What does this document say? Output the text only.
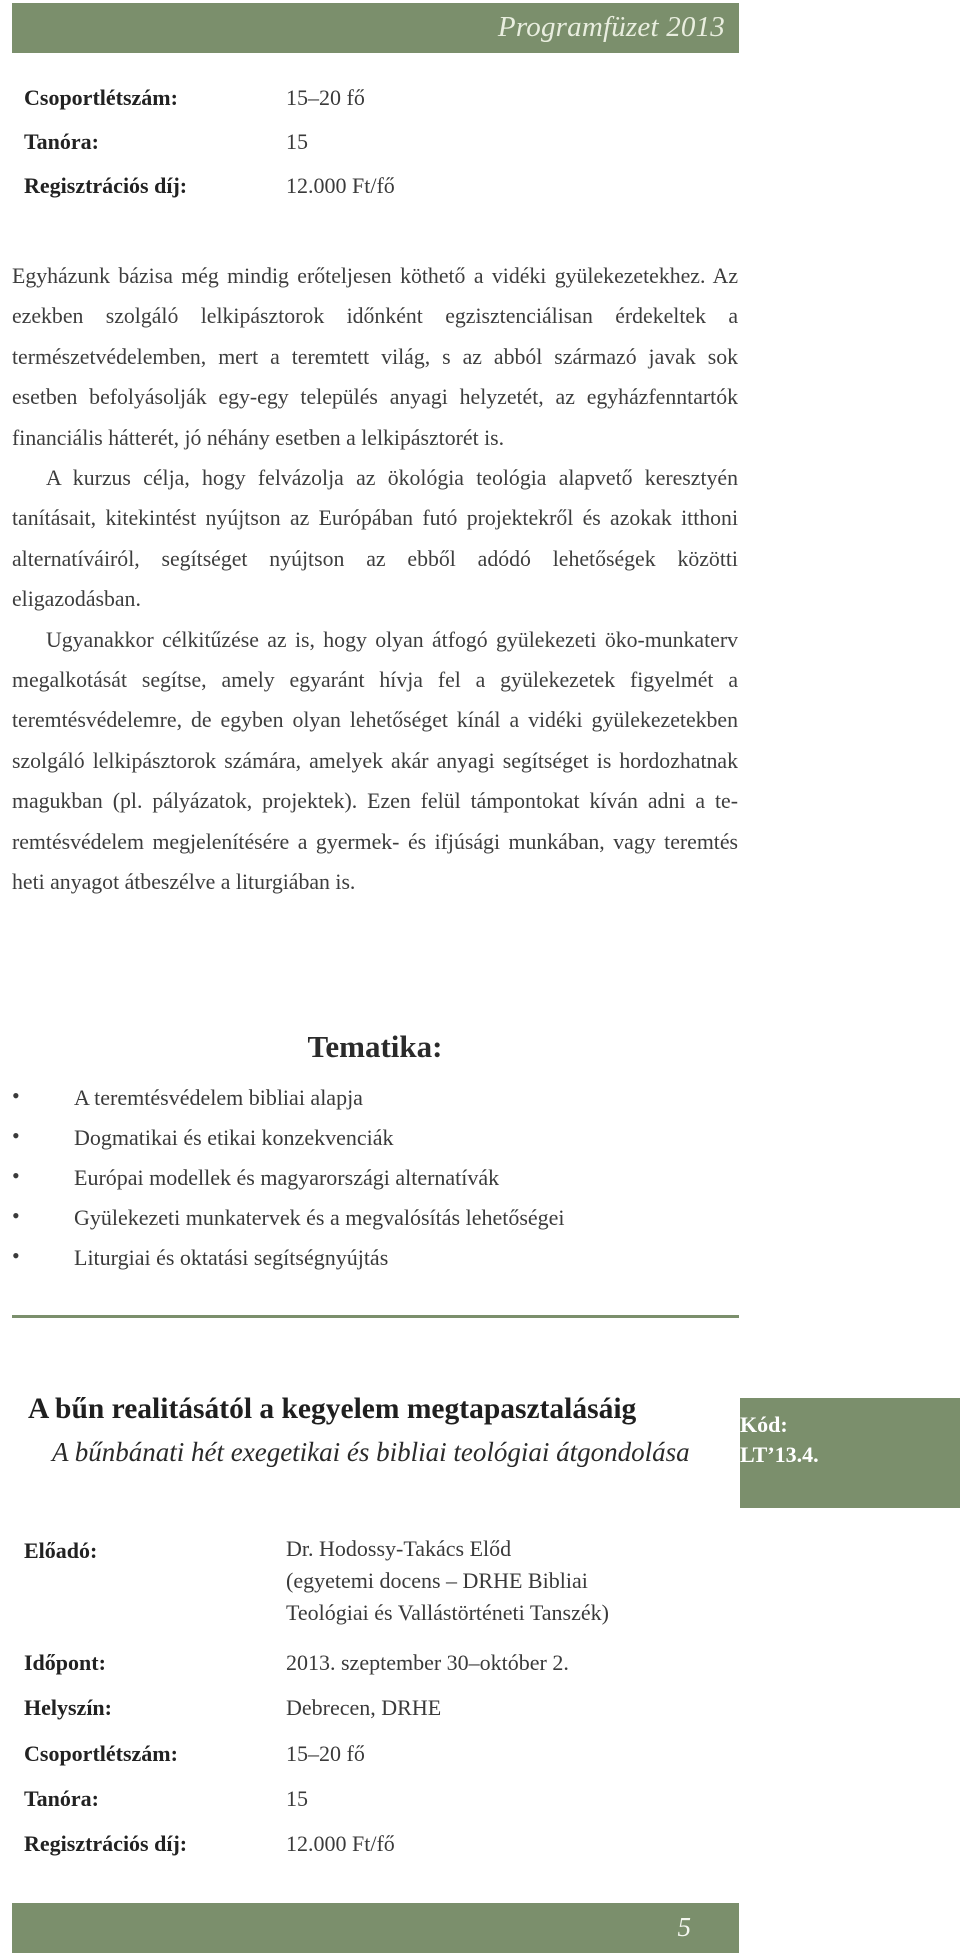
Programfüzet 2013
Csoportlétszám:	15–20 fő
Tanóra:	15
Regisztrációs díj:	12.000 Ft/fő

Egyházunk bázisa még mindig erőteljesen köthető a vidéki gyülekezetekhez. Az ezekben szolgáló lelkipásztorok időnként egzisztenciálisan érdekeltek a természetvédelemben, mert a teremtett világ, s az abból származó javak sok esetben befolyásolják egy-egy település anyagi helyzetét, az egyházfenntartók financiális hátterét, jó néhány esetben a lelkipásztorét is.

A kurzus célja, hogy felvázolja az ökológia teológia alapvető keresztyén tanításait, kitekintést nyújtson az Európában futó projektekről és azokak itthoni alternatíváiról, segítséget nyújtson az ebből adódó lehetőségek közötti eligazodásban.

Ugyanakkor célkitűzése az is, hogy olyan átfogó gyülekezeti öko-munkaterv megalkotását segítse, amely egyaránt hívja fel a gyülekezetek figyelmét a teremtésvédelemre, de egyben olyan lehetőséget kínál a vidéki gyülekezetekben szolgáló lelkipásztorok számára, amelyek akár anyagi segítséget is hordozhatnak magukban (pl. pályázatok, projektek). Ezen felül támpontokat kíván adni a te- remtésvédelem megjelenítésére a gyermek- és ifjúsági munkában, vagy teremtés heti anyagot átbeszélve a liturgiában is.

Tematika:
• A teremtésvédelem bibliai alapja
• Dogmatikai és etikai konzekvenciák
• Európai modellek és magyarországi alternatívák
• Gyülekezeti munkatervek és a megvalósítás lehetőségei
• Liturgiai és oktatási segítségnyújtás
A bűn realitásától a kegyelem megtapasztalásáig
A bűnbánati hét exegetikai és bibliai teológiai átgondolása
Kód:
LT’13.4.
Előadó:	Dr. Hodossy-Takács Előd
(egyetemi docens – DRHE Bibliai
Teológiai és Vallástörténeti Tanszék)
Időpont:	2013. szeptember 30–október 2.
Helyszín:	Debrecen, DRHE
Csoportlétszám:	15–20 fő
Tanóra:	15
Regisztrációs díj:	12.000 Ft/fő
5
